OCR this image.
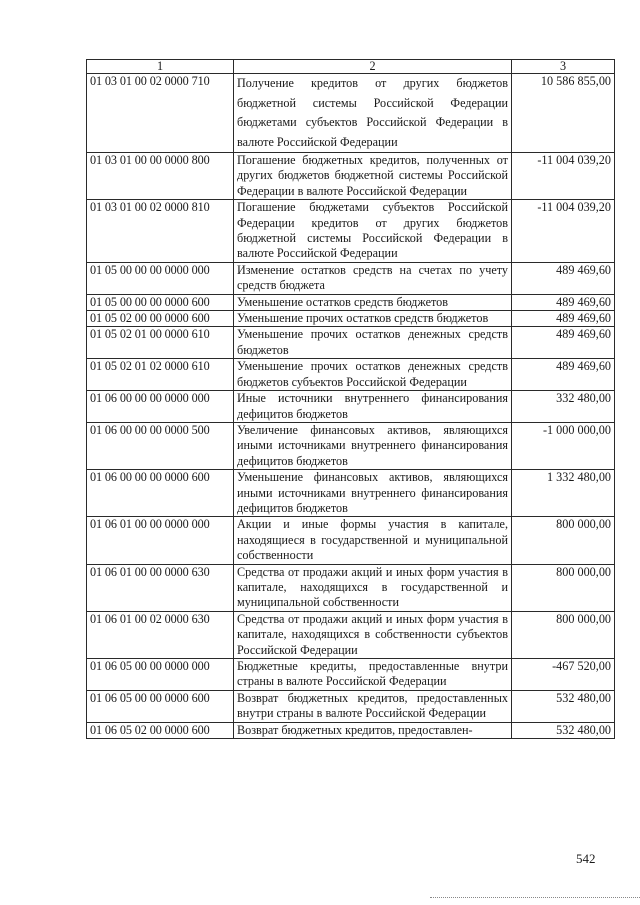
1	2	3
01 03 01 00 02 0000 710	Получение кредитов от других бюджетов бюджетной системы Российской Федерации бюджетами субъектов Российской Федерации в валюте Российской Федерации	10 586 855,00
01 03 01 00 00 0000 800	Погашение бюджетных кредитов, полученных от других бюджетов бюджетной системы Российской Федерации в валюте Российской Федерации	-11 004 039,20
01 03 01 00 02 0000 810	Погашение бюджетами субъектов Российской Федерации кредитов от других бюджетов бюджетной системы Российской Федерации в валюте Российской Федерации	-11 004 039,20
01 05 00 00 00 0000 000	Изменение остатков средств на счетах по учету средств бюджета	489 469,60
01 05 00 00 00 0000 600	Уменьшение остатков средств бюджетов	489 469,60
01 05 02 00 00 0000 600	Уменьшение прочих остатков средств бюджетов	489 469,60
01 05 02 01 00 0000 610	Уменьшение прочих остатков денежных средств бюджетов	489 469,60
01 05 02 01 02 0000 610	Уменьшение прочих остатков денежных средств бюджетов субъектов Российской Федерации	489 469,60
01 06 00 00 00 0000 000	Иные источники внутреннего финансирования дефицитов бюджетов	332 480,00
01 06 00 00 00 0000 500	Увеличение финансовых активов, являющихся иными источниками внутреннего финансирования дефицитов бюджетов	-1 000 000,00
01 06 00 00 00 0000 600	Уменьшение финансовых активов, являющихся иными источниками внутреннего финансирования дефицитов бюджетов	1 332 480,00
01 06 01 00 00 0000 000	Акции и иные формы участия в капитале, находящиеся в государственной и муниципальной собственности	800 000,00
01 06 01 00 00 0000 630	Средства от продажи акций и иных форм участия в капитале, находящихся в государственной и муниципальной собственности	800 000,00
01 06 01 00 02 0000 630	Средства от продажи акций и иных форм участия в капитале, находящихся в собственности субъектов Российской Федерации	800 000,00
01 06 05 00 00 0000 000	Бюджетные кредиты, предоставленные внутри страны в валюте Российской Федерации	-467 520,00
01 06 05 00 00 0000 600	Возврат бюджетных кредитов, предоставленных внутри страны в валюте Российской Федерации	532 480,00
01 06 05 02 00 0000 600	Возврат бюджетных кредитов, предоставлен-	532 480,00
542
